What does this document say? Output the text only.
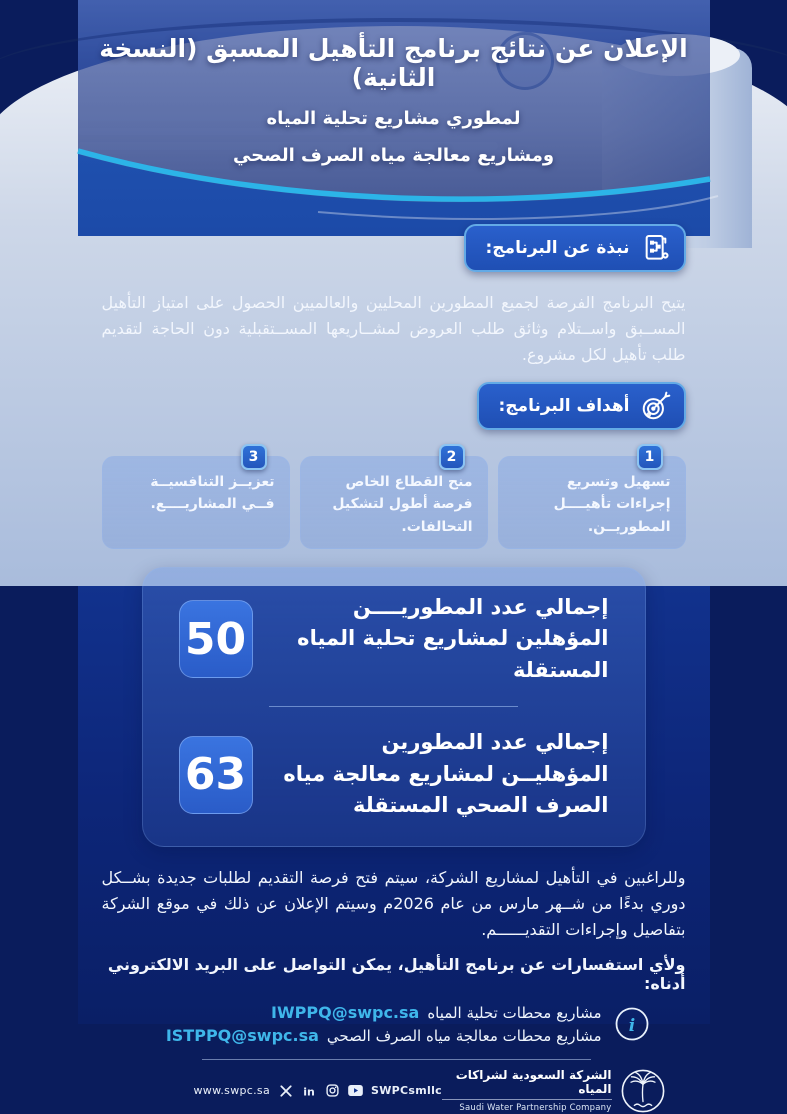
الإعلان عن نتائج برنامج التأهيل المسبق (النسخة الثانية)
لمطوري مشاريع تحلية المياه
ومشاريع معالجة مياه الصرف الصحي
نبذة عن البرنامج:

يتيح البرنامج الفرصة لجميع المطورين المحليين والعالميين الحصول على امتياز التأهيل المســبق واســتلام وثائق طلب العروض لمشــاريعها المســتقبلية دون الحاجة لتقديم طلب تأهيل لكل مشروع.

أهداف البرنامج:
1
تسهيل وتسريع إجراءات تأهيــــل المطوريــن.
2
منح القطاع الخاص فرصة أطول لتشكيل التحالفات.
3
تعزيــز التنافسيــة فــي المشاريــــع.
إجمالي عدد المطوريــــن المؤهلين لمشاريع تحلية المياه المستقلة
50
إجمالي عدد المطورين المؤهليــن لمشاريع معالجة مياه الصرف الصحي المستقلة
63

وللراغبين في التأهيل لمشاريع الشركة، سيتم فتح فرصة التقديم لطلبات جديدة بشــكل دوري بدءًا من شــهر مارس من عام 2026م وسيتم الإعلان عن ذلك في موقع الشركة بتفاصيل وإجراءات التقديــــــم.

ولأي استفسارات عن برنامج التأهيل، يمكن التواصل على البريد الالكتروني أدناه:
i
مشاريع محطات تحلية المياه
IWPPQ@swpc.sa
مشاريع محطات معالجة مياه الصرف الصحي
ISTPPQ@swpc.sa
www.swpc.sa	in	SWPCsmllc
الشركة السعودية لشراكات المياه
Saudi Water Partnership Company
